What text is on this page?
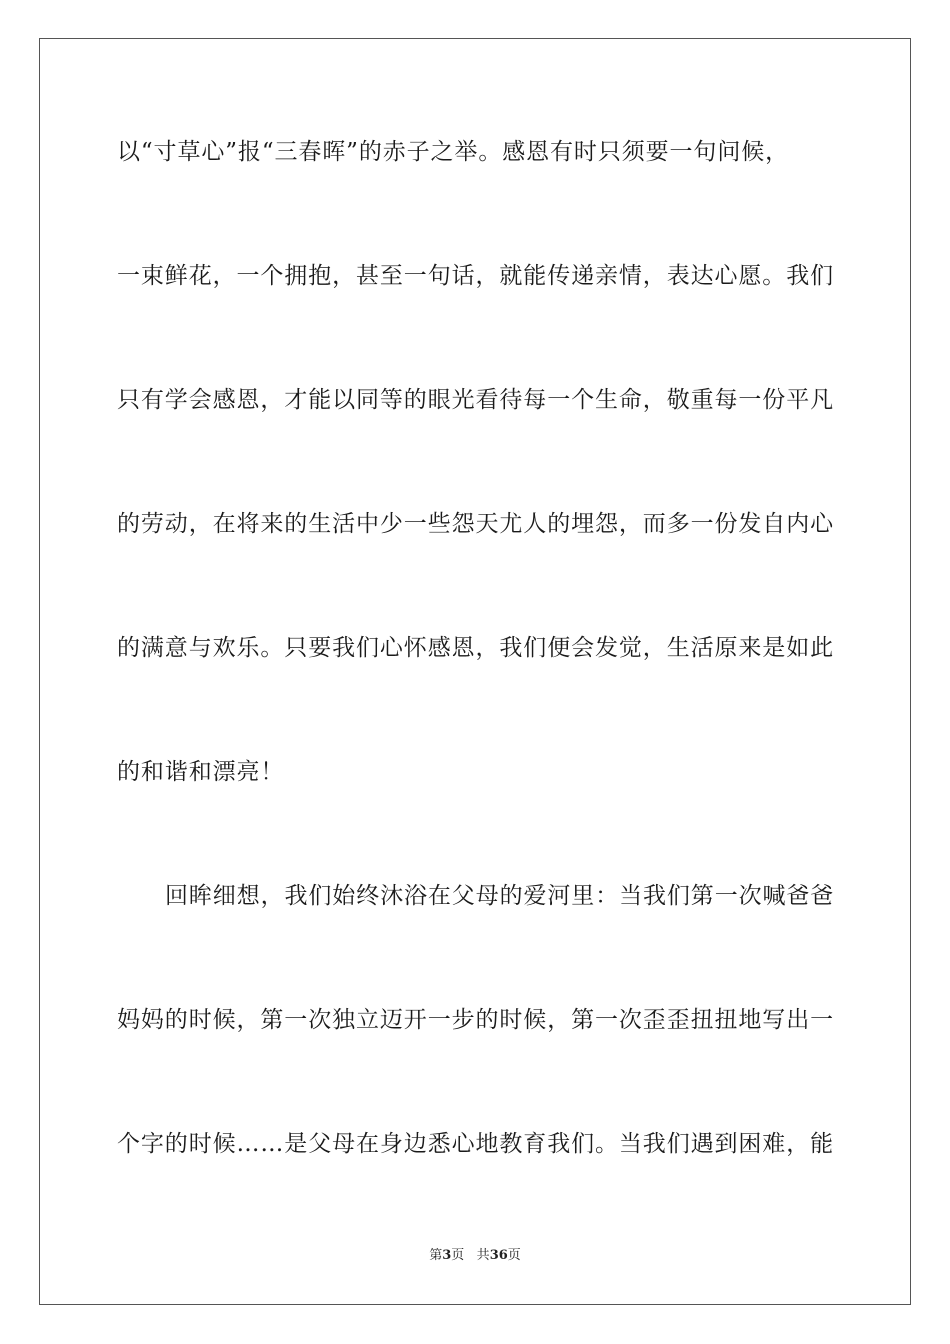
以“寸草心”报“三春晖”的赤子之举。感恩有时只须要一句问候，
一束鲜花，一个拥抱，甚至一句话，就能传递亲情，表达心愿。我们
只有学会感恩，才能以同等的眼光看待每一个生命，敬重每一份平凡
的劳动，在将来的生活中少一些怨天尤人的埋怨，而多一份发自内心
的满意与欢乐。只要我们心怀感恩，我们便会发觉，生活原来是如此
的和谐和漂亮！
回眸细想，我们始终沐浴在父母的爱河里：当我们第一次喊爸爸
妈妈的时候，第一次独立迈开一步的时候，第一次歪歪扭扭地写出一
个字的时候……是父母在身边悉心地教育我们。当我们遇到困难，能
第3页 共36页
